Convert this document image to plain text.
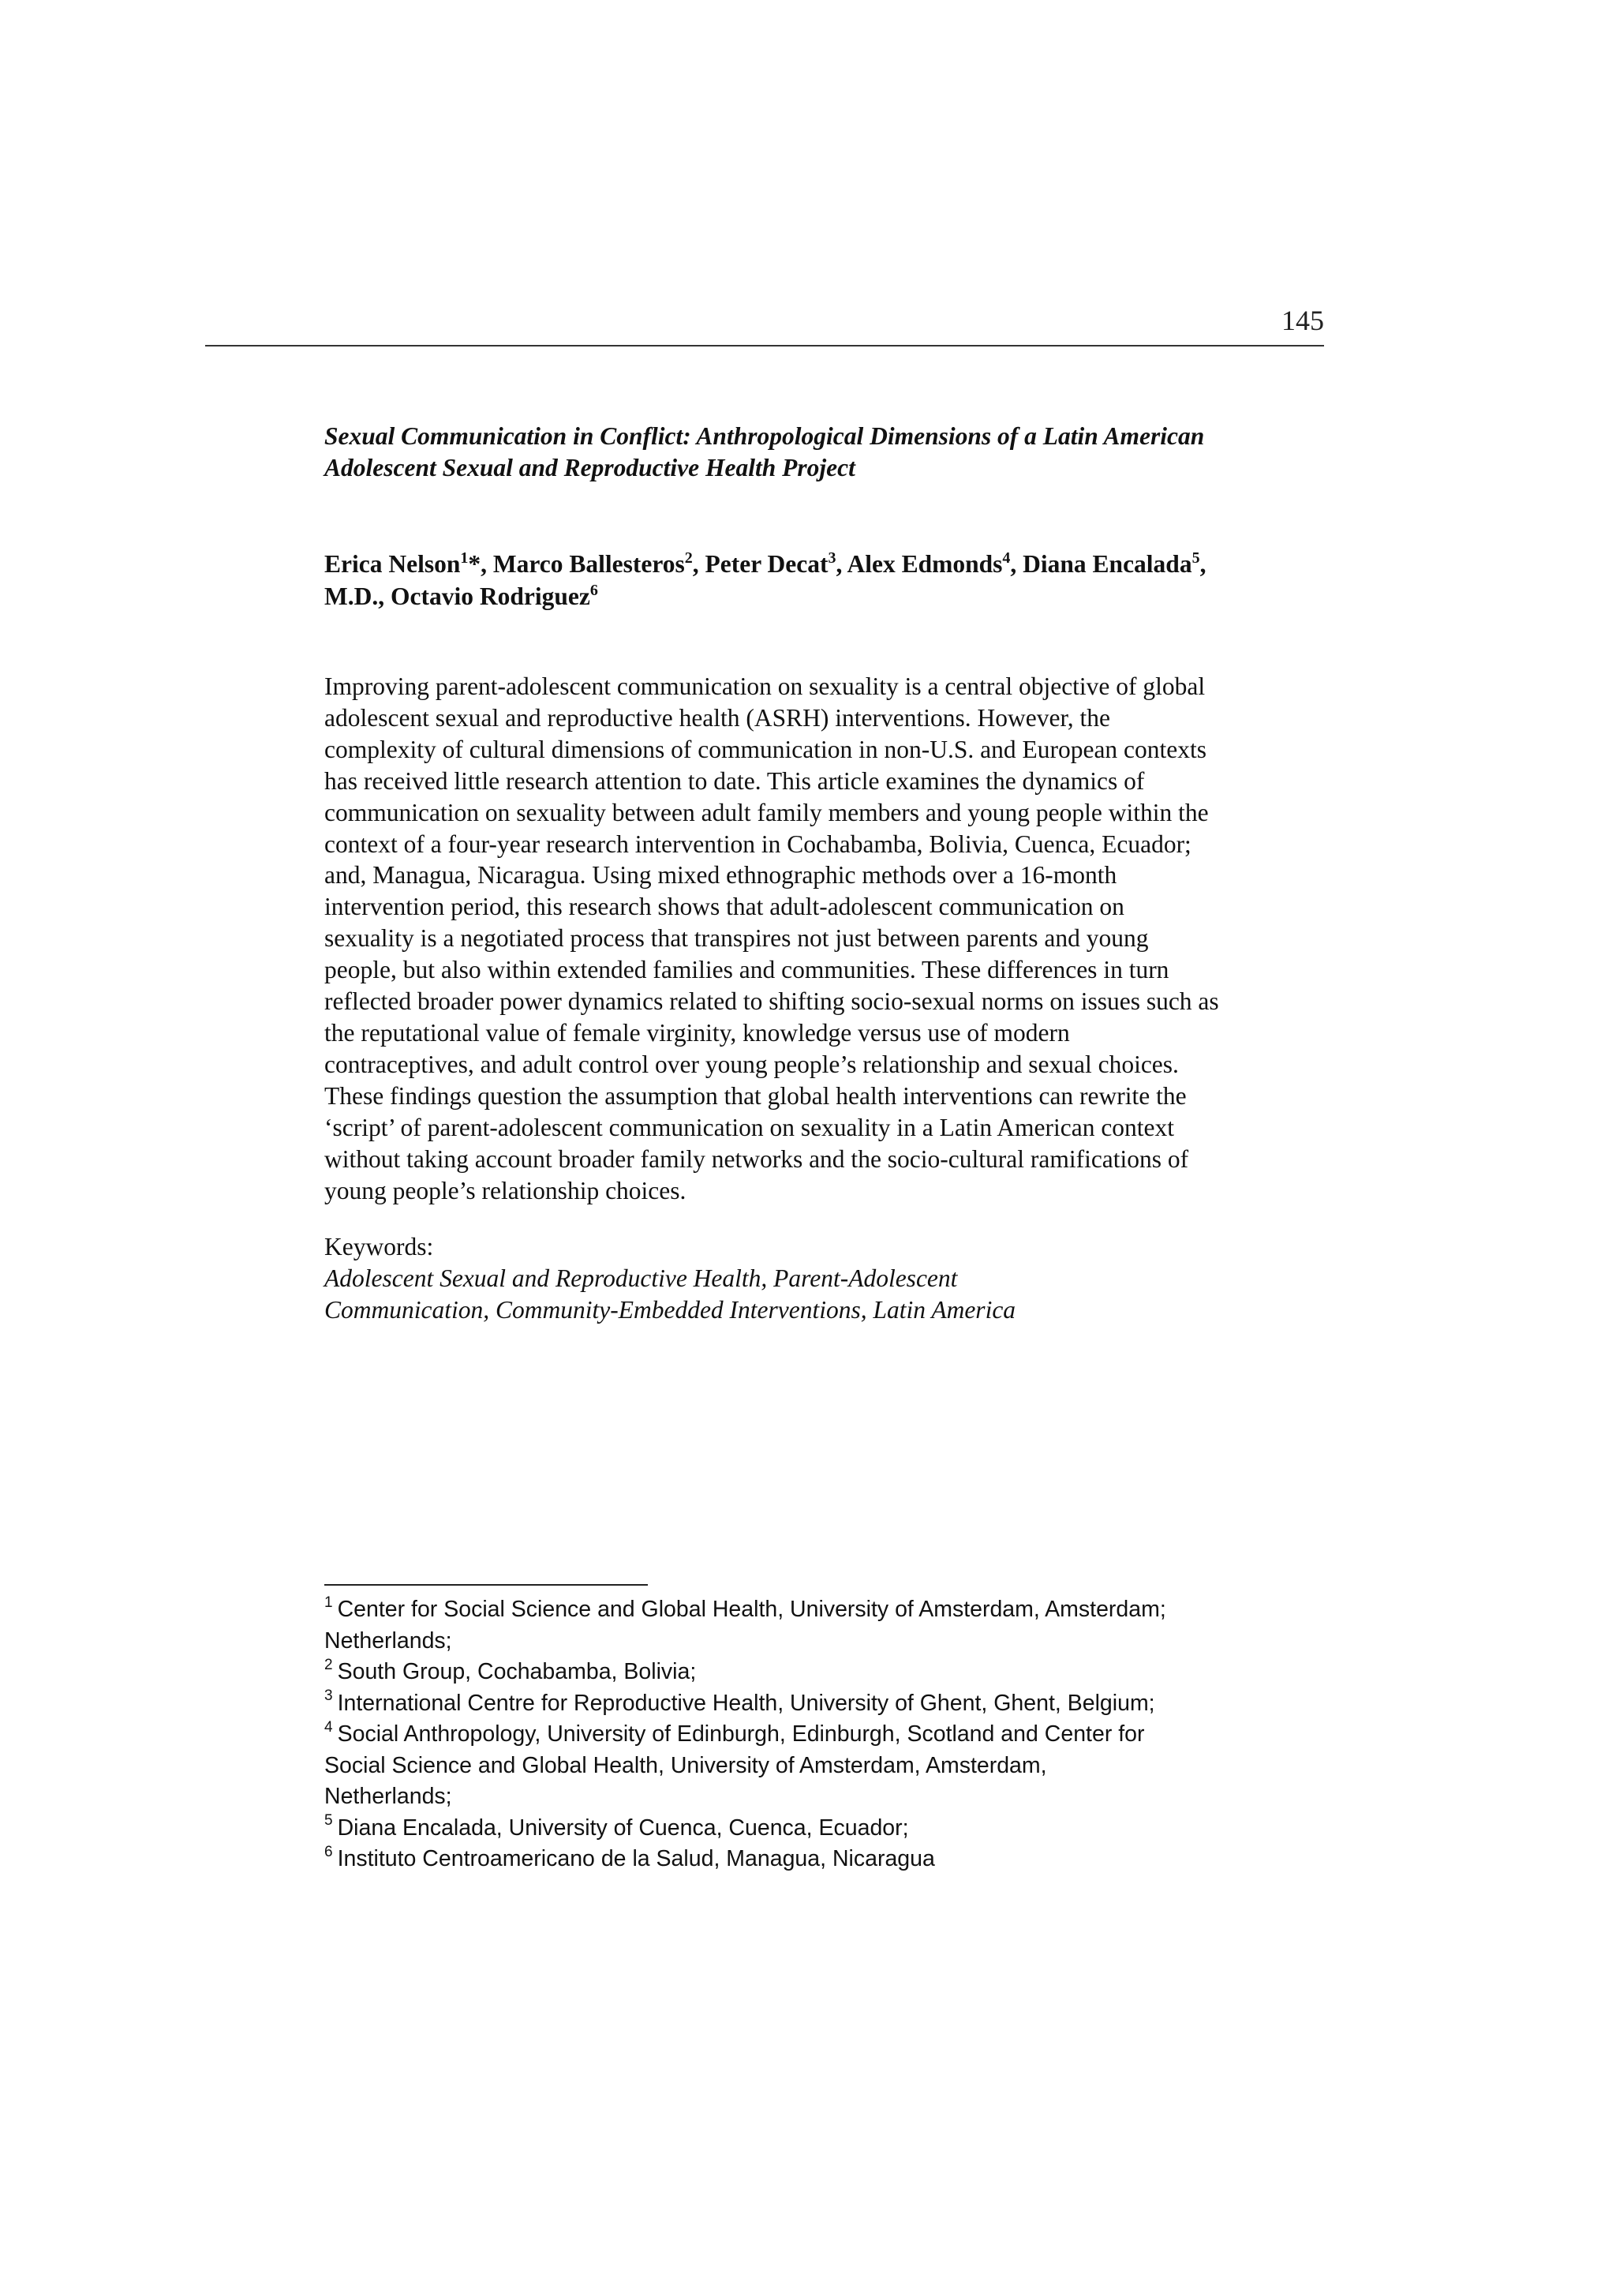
145
Sexual Communication in Conflict: Anthropological Dimensions of a Latin American
Adolescent Sexual and Reproductive Health Project
Erica Nelson$^1$*, Marco Ballesteros$^2$, Peter Decat$^3$, Alex Edmonds$^4$, Diana Encalada$^5$,
M.D., Octavio Rodriguez$^6$
Improving parent-adolescent communication on sexuality is a central objective of global
adolescent sexual and reproductive health (ASRH) interventions. However, the
complexity of cultural dimensions of communication in non-U.S. and European contexts
has received little research attention to date. This article examines the dynamics of
communication on sexuality between adult family members and young people within the
context of a four-year research intervention in Cochabamba, Bolivia, Cuenca, Ecuador;
and, Managua, Nicaragua. Using mixed ethnographic methods over a 16-month
intervention period, this research shows that adult-adolescent communication on
sexuality is a negotiated process that transpires not just between parents and young
people, but also within extended families and communities. These differences in turn
reflected broader power dynamics related to shifting socio-sexual norms on issues such as
the reputational value of female virginity, knowledge versus use of modern
contraceptives, and adult control over young people’s relationship and sexual choices.
These findings question the assumption that global health interventions can rewrite the
‘script’ of parent-adolescent communication on sexuality in a Latin American context
without taking account broader family networks and the socio-cultural ramifications of
young people’s relationship choices.
Keywords:
Adolescent Sexual and Reproductive Health, Parent-Adolescent
Communication, Community-Embedded Interventions, Latin America
$^1$ Center for Social Science and Global Health, University of Amsterdam, Amsterdam;
Netherlands;
$^2$ South Group, Cochabamba, Bolivia;
$^3$ International Centre for Reproductive Health, University of Ghent, Ghent, Belgium;
$^4$ Social Anthropology, University of Edinburgh, Edinburgh, Scotland and Center for
Social Science and Global Health, University of Amsterdam, Amsterdam,
Netherlands;
$^5$ Diana Encalada, University of Cuenca, Cuenca, Ecuador;
$^6$ Instituto Centroamericano de la Salud, Managua, Nicaragua
